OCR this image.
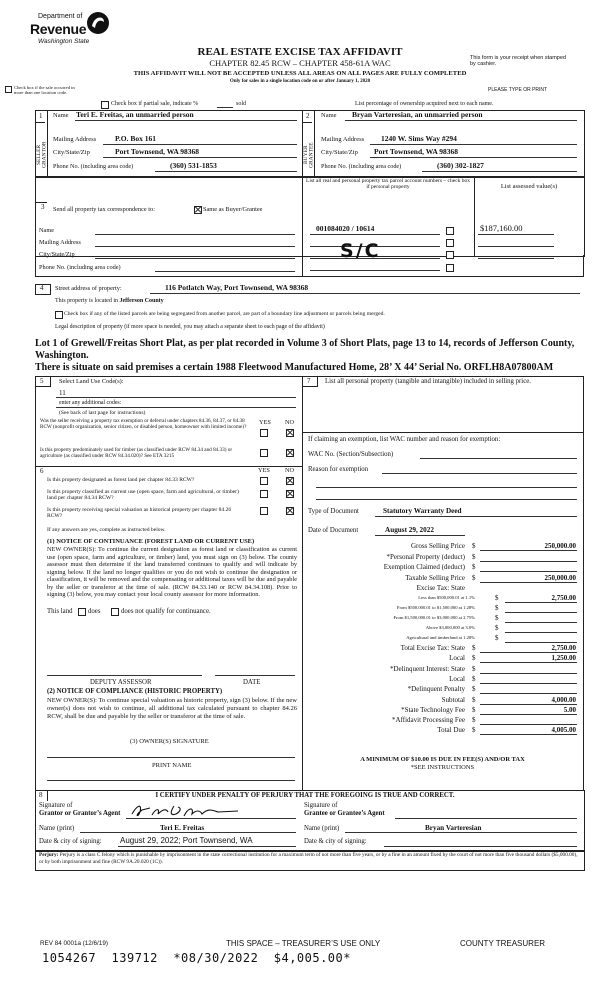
Department of
Revenue
Washington State
REAL ESTATE EXCISE TAX AFFIDAVIT
CHAPTER 82.45 RCW – CHAPTER 458-61A WAC
THIS AFFIDAVIT WILL NOT BE ACCEPTED UNLESS ALL AREAS ON ALL PAGES ARE FULLY COMPLETED
Only for sales in a single location code on or after January 1, 2020
This form is your receipt when stamped by cashier.
PLEASE TYPE OR PRINT
Check box if the sale occurred in more than one location code.
Check box if partial sale, indicate %	sold	List percentage of ownership acquired next to each name.
SELLER GRANTOR	BUYER GRANTEE
1 Name Teri E. Freitas, an unmarried person
Mailing Address	P.O. Box 161
City/State/Zip	Port Townsend, WA 98368
Phone No. (including area code)	(360) 531-1853
2 Name Bryan Varteresian, an unmarried person
Mailing Address 1240 W. Sims Way #294
City/State/Zip Port Townsend, WA 98368
Phone No. (including area code)	(360) 302-1827
3 Send all property tax correspondence to:	Same as Buyer/Grantee
Name
Mailing Address
List all real and personal property tax parcel account numbers – check box if personal property	List assessed value(s)
001084020 / 10614	$187,160.00
S/C
City/State/Zip
Phone No. (including area code)
4 Street address of property:	116 Potlatch Way, Port Townsend, WA 98368
This property is located in Jefferson County
Check box if any of the listed parcels are being segregated from another parcel, are part of a boundary line adjustment or parcels being merged.
Legal description of property (if more space is needed, you may attach a separate sheet to each page of the affidavit)
Lot 1 of Grewell/Freitas Short Plat, as per plat recorded in Volume 3 of Short Plats, page 13 to 14, records of Jefferson County, Washington.
There is situate on said premises a certain 1988 Fleetwood Manufactured Home, 28’ X 44’ Serial No. ORFLH8A07800AM
5 Select Land Use Code(s):
11
enter any additional codes:
(See back of last page for instructions)
YES NO
Was the seller receiving a property tax exemption or deferral under chapters 84.36, 84.37, or 84.38 RCW (nonprofit organization, senior citizen, or disabled person, homeowner with limited income)?
Is this property predominately used for timber (as classified under RCW 84.34 and 84.33) or agriculture (as classified under RCW 84.34.020)? See ETA 3215
6	YES NO
Is this property designated as forest land per chapter 84.33 RCW?
Is this property classified as current use (open space, farm and agricultural, or timber) land per chapter 84.34 RCW?
Is this property receiving special valuation as historical property per chapter 84.26 RCW?
If any answers are yes, complete as instructed below.
(1) NOTICE OF CONTINUANCE (FOREST LAND OR CURRENT USE)
NEW OWNER(S): To continue the current designation as forest land or classification as current use (open space, farm and agriculture, or timber) land, you must sign on (3) below. The county assessor must then determine if the land transferred continues to qualify and will indicate by signing below. If the land no longer qualifies or you do not wish to continue the designation or classification, it will be removed and the compensating or additional taxes will be due and payable by the seller or transferor at the time of sale. (RCW 84.33.140 or RCW 84.34.108). Prior to signing (3) below, you may contact your local county assessor for more information.
This land does	does not qualify for continuance.
DEPUTY ASSESSOR	DATE
(2) NOTICE OF COMPLIANCE (HISTORIC PROPERTY)
NEW OWNER(S): To continue special valuation as historic property, sign (3) below. If the new owner(s) does not wish to continue, all additional tax calculated pursuant to chapter 84.26 RCW, shall be due and payable by the seller or transferor at the time of sale.
(3) OWNER(S) SIGNATURE
PRINT NAME
7 List all personal property (tangible and intangible) included in selling price.
If claiming an exemption, list WAC number and reason for exemption:
WAC No. (Section/Subsection)
Reason for exemption
Type of Document	Statutory Warranty Deed
Date of Document	August 29, 2022
Gross Selling Price $	250,000.00
*Personal Property (deduct) $
Exemption Claimed (deduct) $
Taxable Selling Price $	250,000.00
Excise Tax: State
Less than $500,000.01 at 1.1%	$	2,750.00
From $500,000.01 to $1,500,000 at 1.28%	$
From $1,500,000.01 to $3,000,000 at 2.75%	$
Above $3,000,000 at 3.0%	$
Agricultural and timberland at 1.28%	$
Total Excise Tax: State $	2,750.00
Local $	1,250.00
*Delinquent Interest: State $
Local $
*Delinquent Penalty $
Subtotal $	4,000.00
*State Technology Fee $	5.00
*Affidavit Processing Fee $
Total Due $	4,005.00
A MINIMUM OF $10.00 IS DUE IN FEE(S) AND/OR TAX
*SEE INSTRUCTIONS
8	I CERTIFY UNDER PENALTY OF PERJURY THAT THE FOREGOING IS TRUE AND CORRECT.
Signature of
Grantor or Grantor’s Agent
Signature of
Grantee or Grantee’s Agent
Name (print)	Teri E. Freitas	Name (print)	Bryan Varteresian
Date & city of signing: August 29, 2022; Port Townsend, WA	Date & city of signing:
Perjury: Perjury is a class C felony which is punishable by imprisonment in the state correctional institution for a maximum term of not more than five years, or by a fine in an amount fixed by the court of not more than five thousand dollars ($5,000.00), or by both imprisonment and fine (RCW 9A.20.020 (1C)).
REV 84 0001a (12/6/19)	THIS SPACE – TREASURER’S USE ONLY	COUNTY TREASURER
1054267  139712  *08/30/2022  $4,005.00*
